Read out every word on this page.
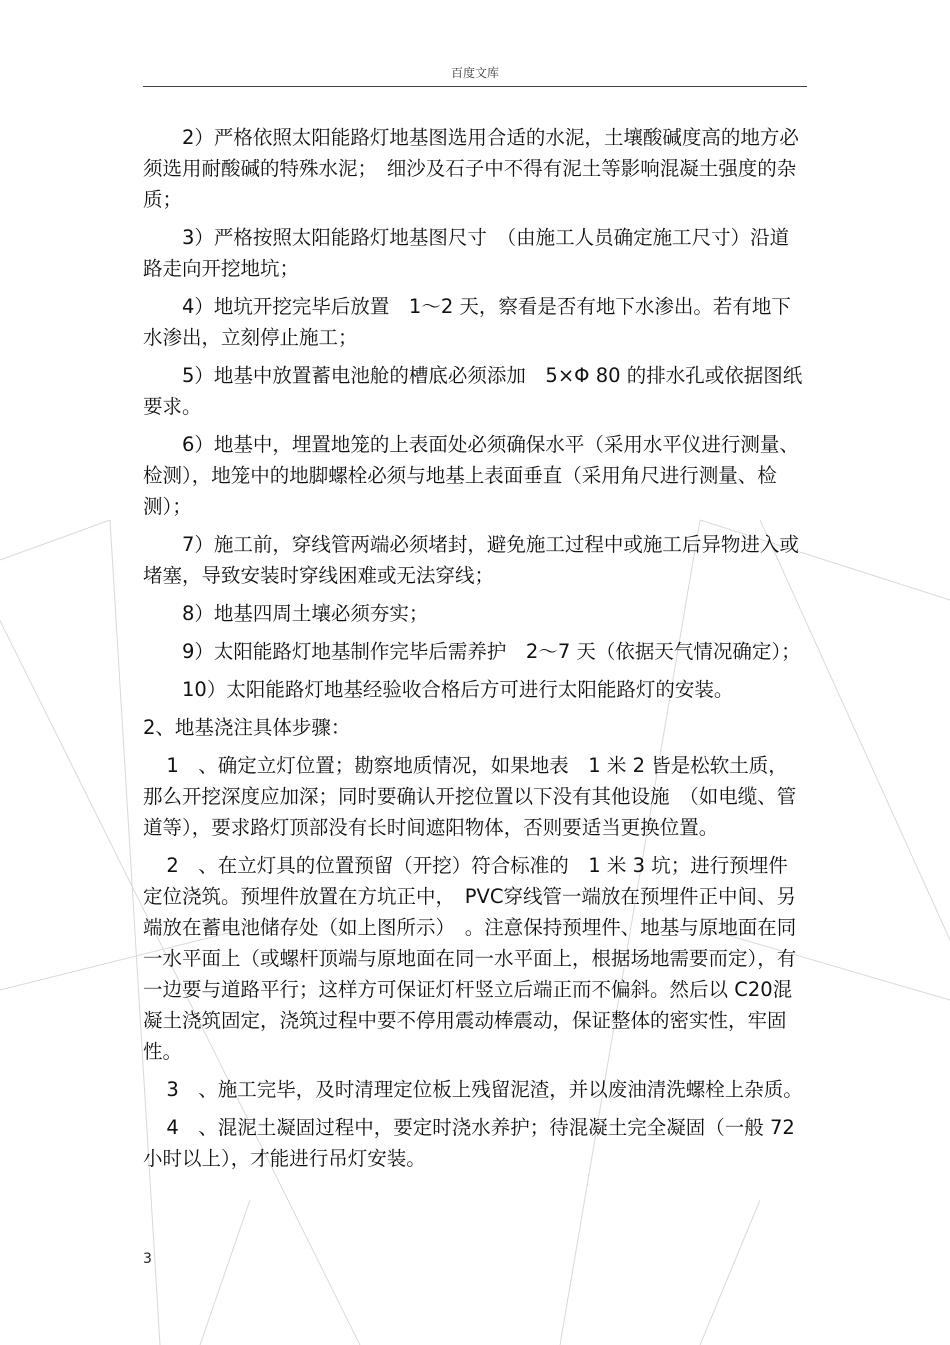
百度文库

2）严格依照太阳能路灯地基图选用合适的水泥，土壤酸碱度高的地方必须选用耐酸碱的特殊水泥；　细沙及石子中不得有泥土等影响混凝土强度的杂质；

3）严格按照太阳能路灯地基图尺寸　（由施工人员确定施工尺寸）沿道路走向开挖地坑；

4）地坑开挖完毕后放置　1～2 天，察看是否有地下水渗出。若有地下水渗出，立刻停止施工；

5）地基中放置蓄电池舱的槽底必须添加　5×Φ 80 的排水孔或依据图纸要求。

6）地基中，埋置地笼的上表面处必须确保水平（采用水平仪进行测量、检测），地笼中的地脚螺栓必须与地基上表面垂直（采用角尺进行测量、检测）；

7）施工前，穿线管两端必须堵封，避免施工过程中或施工后异物进入或堵塞，导致安装时穿线困难或无法穿线；

8）地基四周土壤必须夯实；

9）太阳能路灯地基制作完毕后需养护　2～7 天（依据天气情况确定）；

10）太阳能路灯地基经验收合格后方可进行太阳能路灯的安装。

2、地基浇注具体步骤：

1　、确定立灯位置；勘察地质情况，如果地表　1 米 2 皆是松软土质，那么开挖深度应加深；同时要确认开挖位置以下没有其他设施　（如电缆、管道等），要求路灯顶部没有长时间遮阳物体，否则要适当更换位置。

2　、在立灯具的位置预留（开挖）符合标准的　1 米 3 坑；进行预埋件定位浇筑。预埋件放置在方坑正中，　PVC穿线管一端放在预埋件正中间、另端放在蓄电池储存处（如上图所示）　。注意保持预埋件、地基与原地面在同一水平面上（或螺杆顶端与原地面在同一水平面上，根据场地需要而定），有一边要与道路平行；这样方可保证灯杆竖立后端正而不偏斜。然后以 C20混凝土浇筑固定，浇筑过程中要不停用震动棒震动，保证整体的密实性，牢固性。

3　、施工完毕，及时清理定位板上残留泥渣，并以废油清洗螺栓上杂质。

4　、混泥土凝固过程中，要定时浇水养护；待混凝土完全凝固（一般 72 小时以上），才能进行吊灯安装。

3
